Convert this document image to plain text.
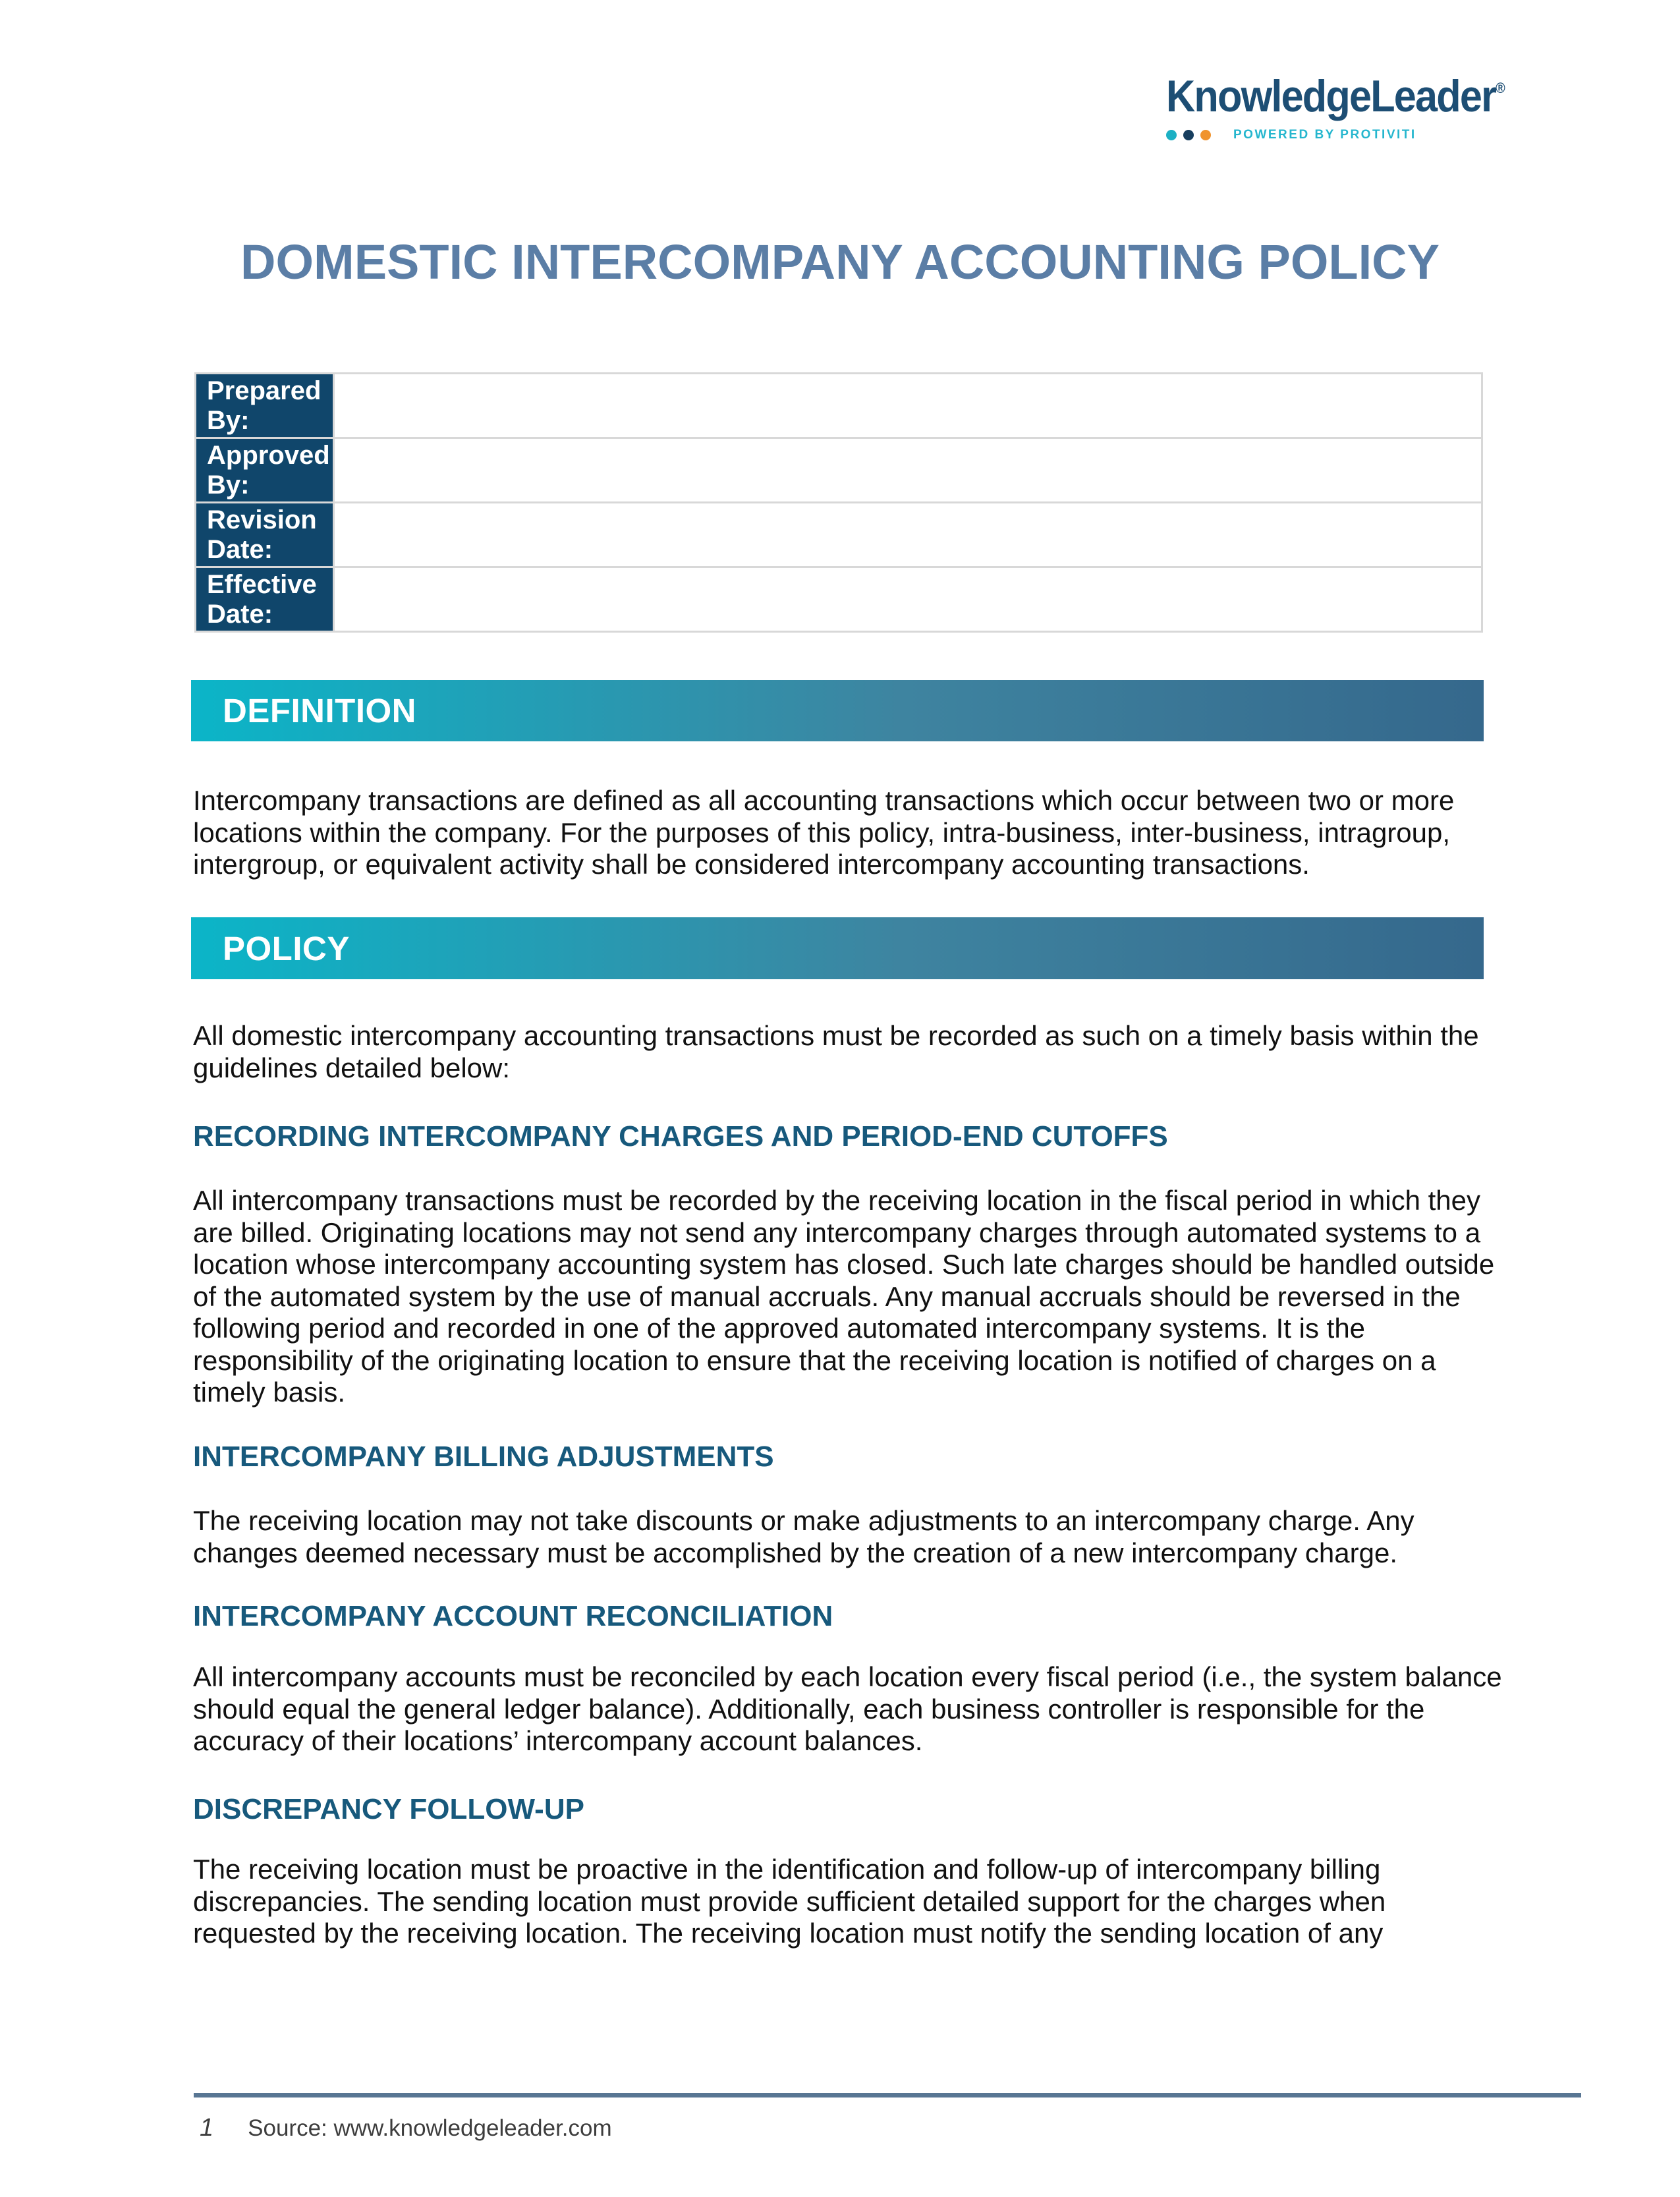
KnowledgeLeader®
POWERED BY PROTIVITI
DOMESTIC INTERCOMPANY ACCOUNTING POLICY
Prepared By:	
Approved By:	
Revision Date:	
Effective Date:	
DEFINITION

Intercompany transactions are defined as all accounting transactions which occur between two or more locations within the company. For the purposes of this policy, intra-business, inter-business, intragroup, intergroup, or equivalent activity shall be considered intercompany accounting transactions.

POLICY

All domestic intercompany accounting transactions must be recorded as such on a timely basis within the guidelines detailed below:

RECORDING INTERCOMPANY CHARGES AND PERIOD-END CUTOFFS

All intercompany transactions must be recorded by the receiving location in the fiscal period in which they are billed. Originating locations may not send any intercompany charges through automated systems to a location whose intercompany accounting system has closed. Such late charges should be handled outside of the automated system by the use of manual accruals. Any manual accruals should be reversed in the following period and recorded in one of the approved automated intercompany systems. It is the responsibility of the originating location to ensure that the receiving location is notified of charges on a timely basis.

INTERCOMPANY BILLING ADJUSTMENTS

The receiving location may not take discounts or make adjustments to an intercompany charge. Any changes deemed necessary must be accomplished by the creation of a new intercompany charge.

INTERCOMPANY ACCOUNT RECONCILIATION

All intercompany accounts must be reconciled by each location every fiscal period (i.e., the system balance should equal the general ledger balance). Additionally, each business controller is responsible for the accuracy of their locations’ intercompany account balances.

DISCREPANCY FOLLOW-UP

The receiving location must be proactive in the identification and follow-up of intercompany billing discrepancies. The sending location must provide sufficient detailed support for the charges when requested by the receiving location. The receiving location must notify the sending location of any

1 Source: www.knowledgeleader.com
